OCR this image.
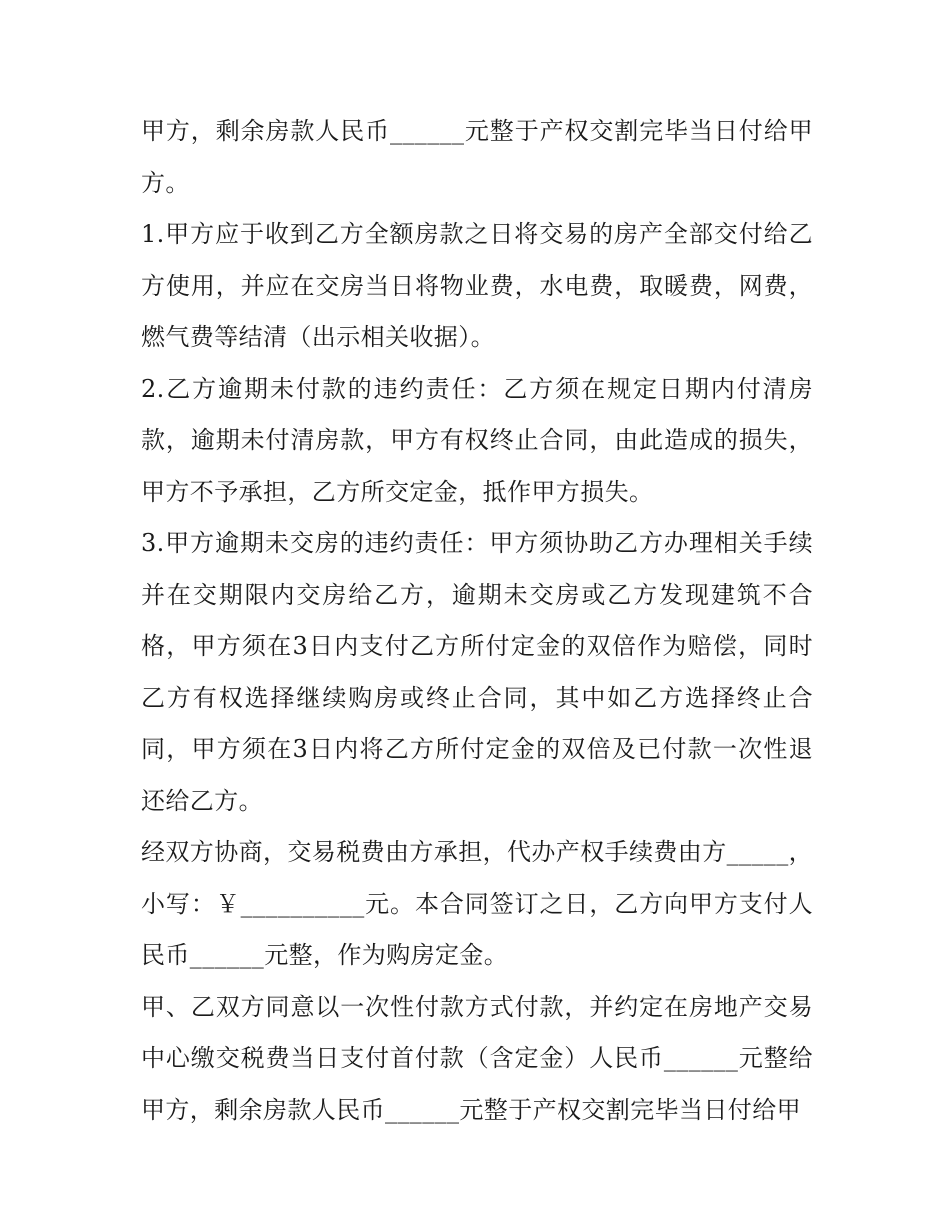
甲方，剩余房款人民币______元整于产权交割完毕当日付给甲方。

1.甲方应于收到乙方全额房款之日将交易的房产全部交付给乙方使用，并应在交房当日将物业费，水电费，取暖费，网费，燃气费等结清（出示相关收据）。

2.乙方逾期未付款的违约责任：乙方须在规定日期内付清房款，逾期未付清房款，甲方有权终止合同，由此造成的损失，甲方不予承担，乙方所交定金，抵作甲方损失。

3.甲方逾期未交房的违约责任：甲方须协助乙方办理相关手续并在交期限内交房给乙方，逾期未交房或乙方发现建筑不合格，甲方须在3日内支付乙方所付定金的双倍作为赔偿，同时乙方有权选择继续购房或终止合同，其中如乙方选择终止合同，甲方须在3日内将乙方所付定金的双倍及已付款一次性退还给乙方。

经双方协商，交易税费由方承担，代办产权手续费由方_____，小写：￥__________元。本合同签订之日，乙方向甲方支付人民币______元整，作为购房定金。

甲、乙双方同意以一次性付款方式付款，并约定在房地产交易中心缴交税费当日支付首付款（含定金）人民币______元整给甲方，剩余房款人民币______元整于产权交割完毕当日付给甲
